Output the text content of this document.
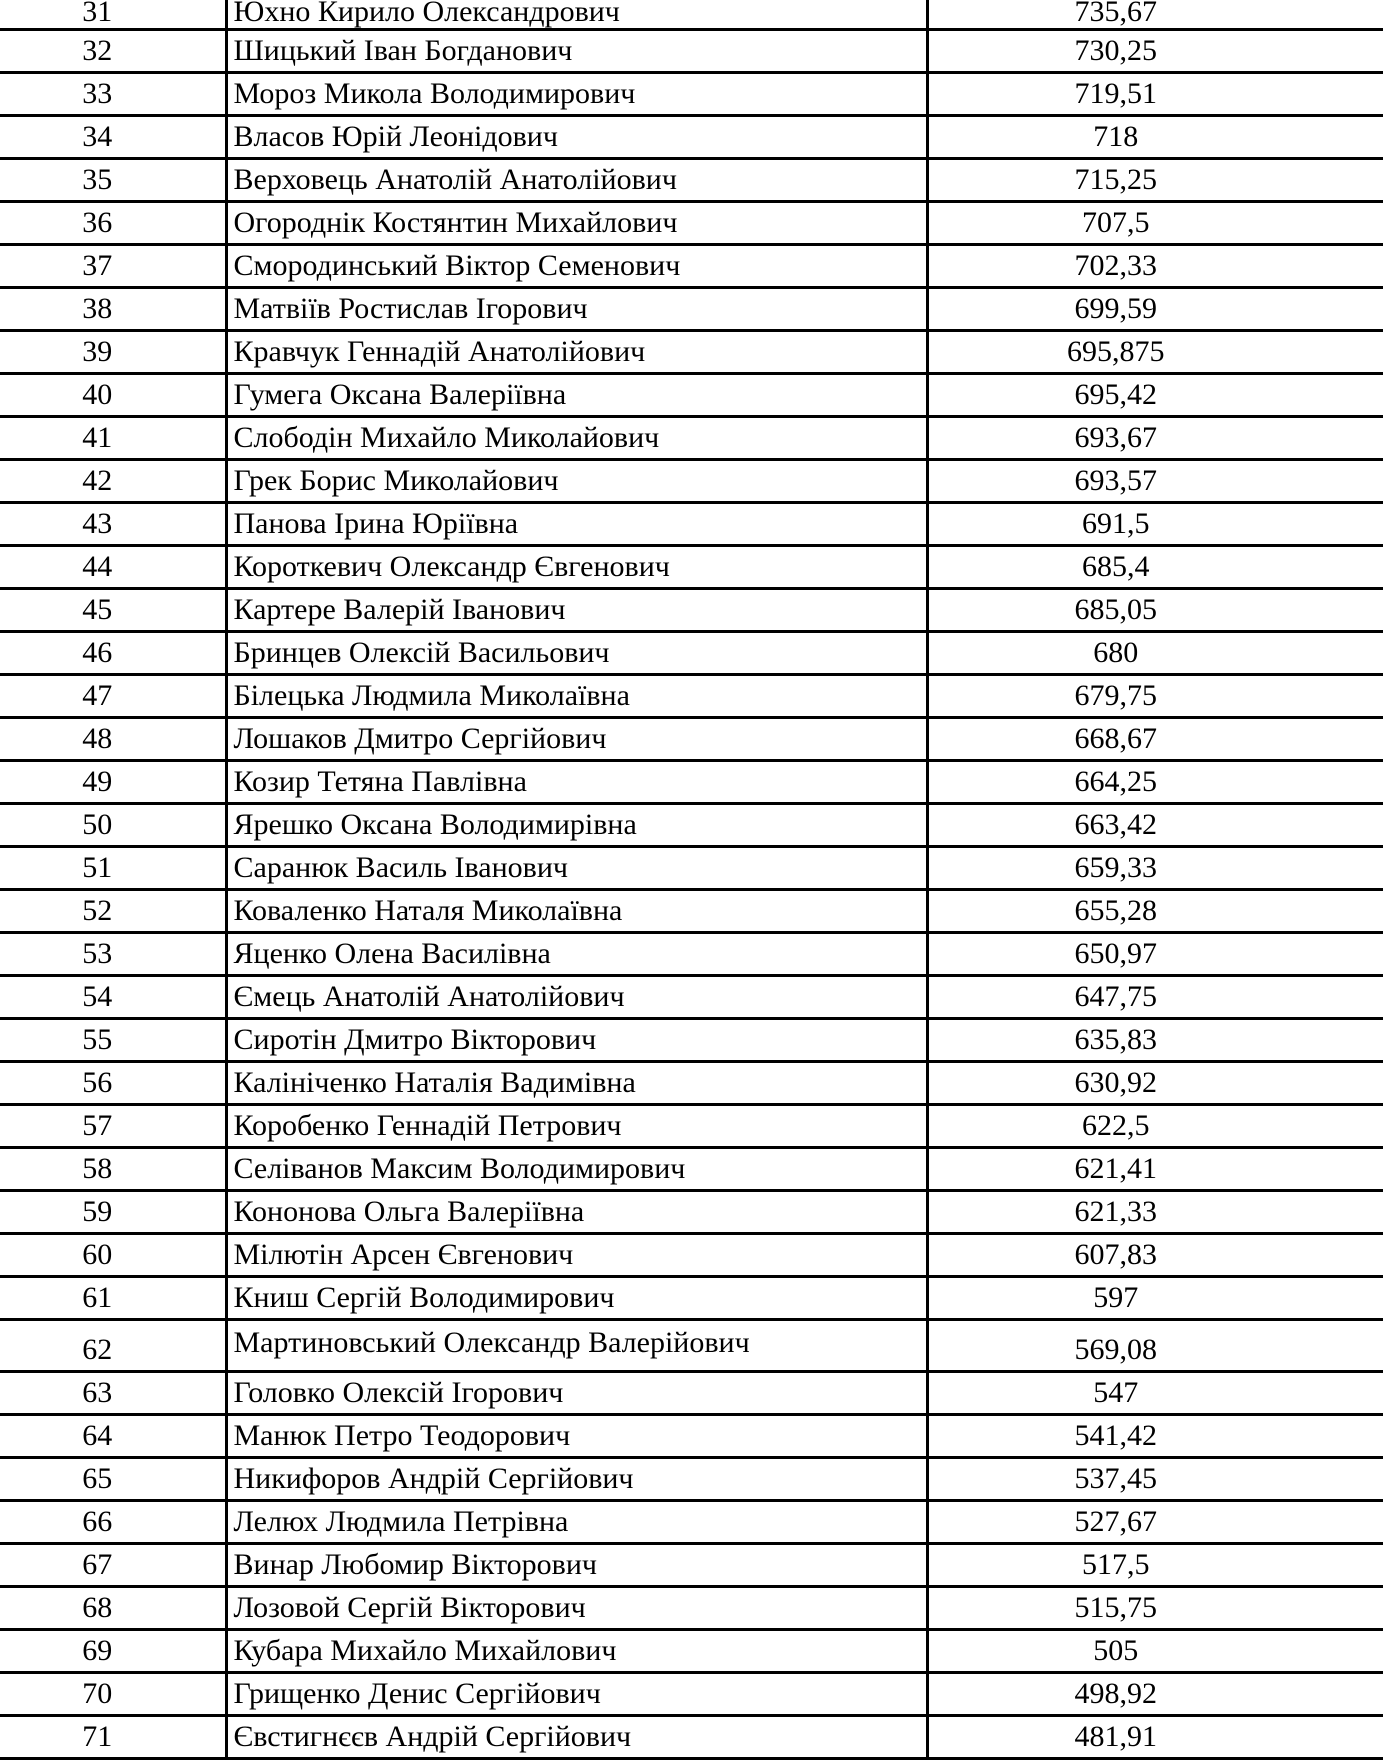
31	Юхно Кирило Олександрович	735,67
32	Шицький Іван Богданович	730,25
33	Мороз Микола Володимирович	719,51
34	Власов Юрій Леонідович	718
35	Верховець Анатолій Анатолійович	715,25
36	Огороднік Костянтин Михайлович	707,5
37	Смородинський Віктор Семенович	702,33
38	Матвіїв Ростислав Ігорович	699,59
39	Кравчук Геннадій Анатолійович	695,875
40	Гумега Оксана Валеріївна	695,42
41	Слободін Михайло Миколайович	693,67
42	Грек Борис Миколайович	693,57
43	Панова Ірина Юріївна	691,5
44	Короткевич Олександр Євгенович	685,4
45	Картере Валерій Іванович	685,05
46	Бринцев Олексій Васильович	680
47	Білецька Людмила Миколаївна	679,75
48	Лошаков Дмитро Сергійович	668,67
49	Козир Тетяна Павлівна	664,25
50	Ярешко Оксана Володимирівна	663,42
51	Саранюк Василь Іванович	659,33
52	Коваленко Наталя Миколаївна	655,28
53	Яценко Олена Василівна	650,97
54	Ємець Анатолій Анатолійович	647,75
55	Сиротін Дмитро Вікторович	635,83
56	Калініченко Наталія Вадимівна	630,92
57	Коробенко Геннадій Петрович	622,5
58	Селіванов Максим Володимирович	621,41
59	Кононова Ольга Валеріївна	621,33
60	Мілютін Арсен Євгенович	607,83
61	Книш Сергій Володимирович	597
62	Мартиновський Олександр Валерійович	569,08
63	Головко Олексій Ігорович	547
64	Манюк Петро Теодорович	541,42
65	Никифоров Андрій Сергійович	537,45
66	Лелюх Людмила Петрівна	527,67
67	Винар Любомир Вікторович	517,5
68	Лозовой Сергій Вікторович	515,75
69	Кубара Михайло Михайлович	505
70	Грищенко Денис Сергійович	498,92
71	Євстигнєєв Андрій Сергійович	481,91
